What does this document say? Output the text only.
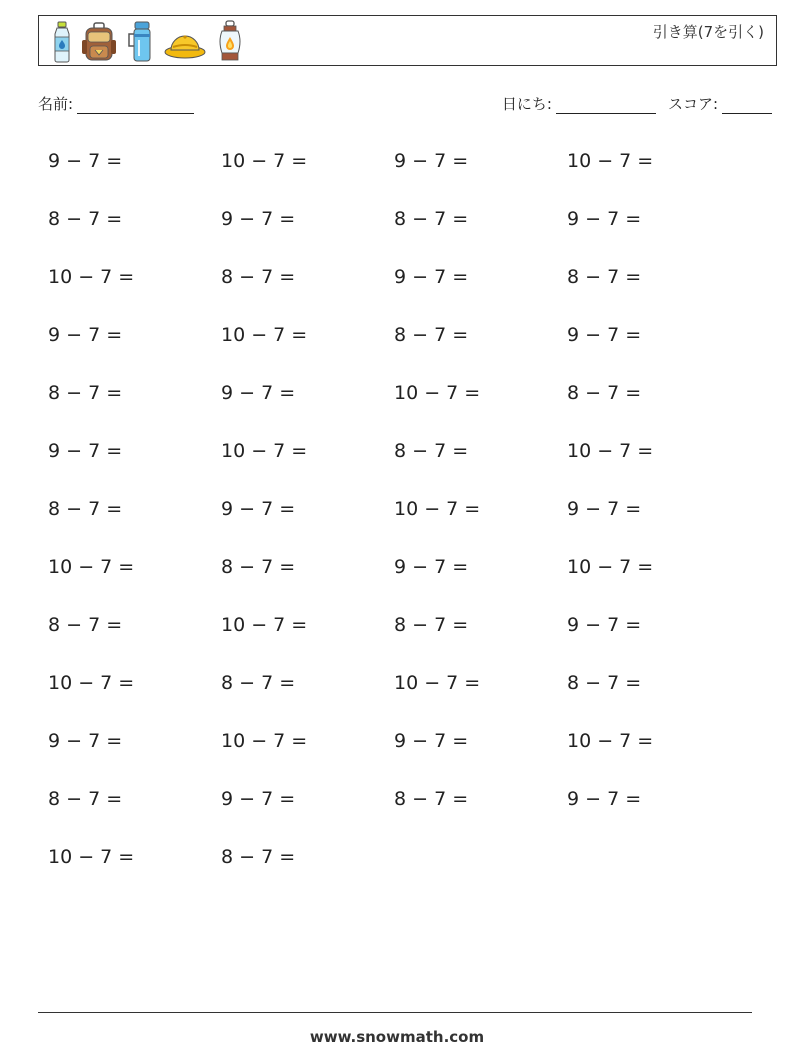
引き算(7を引く)
名前:	日にち:	スコア:
9 − 7 =	10 − 7 =	9 − 7 =	10 − 7 =
8 − 7 =	9 − 7 =	8 − 7 =	9 − 7 =
10 − 7 =	8 − 7 =	9 − 7 =	8 − 7 =
9 − 7 =	10 − 7 =	8 − 7 =	9 − 7 =
8 − 7 =	9 − 7 =	10 − 7 =	8 − 7 =
9 − 7 =	10 − 7 =	8 − 7 =	10 − 7 =
8 − 7 =	9 − 7 =	10 − 7 =	9 − 7 =
10 − 7 =	8 − 7 =	9 − 7 =	10 − 7 =
8 − 7 =	10 − 7 =	8 − 7 =	9 − 7 =
10 − 7 =	8 − 7 =	10 − 7 =	8 − 7 =
9 − 7 =	10 − 7 =	9 − 7 =	10 − 7 =
8 − 7 =	9 − 7 =	8 − 7 =	9 − 7 =
10 − 7 =	8 − 7 =
www.snowmath.com
